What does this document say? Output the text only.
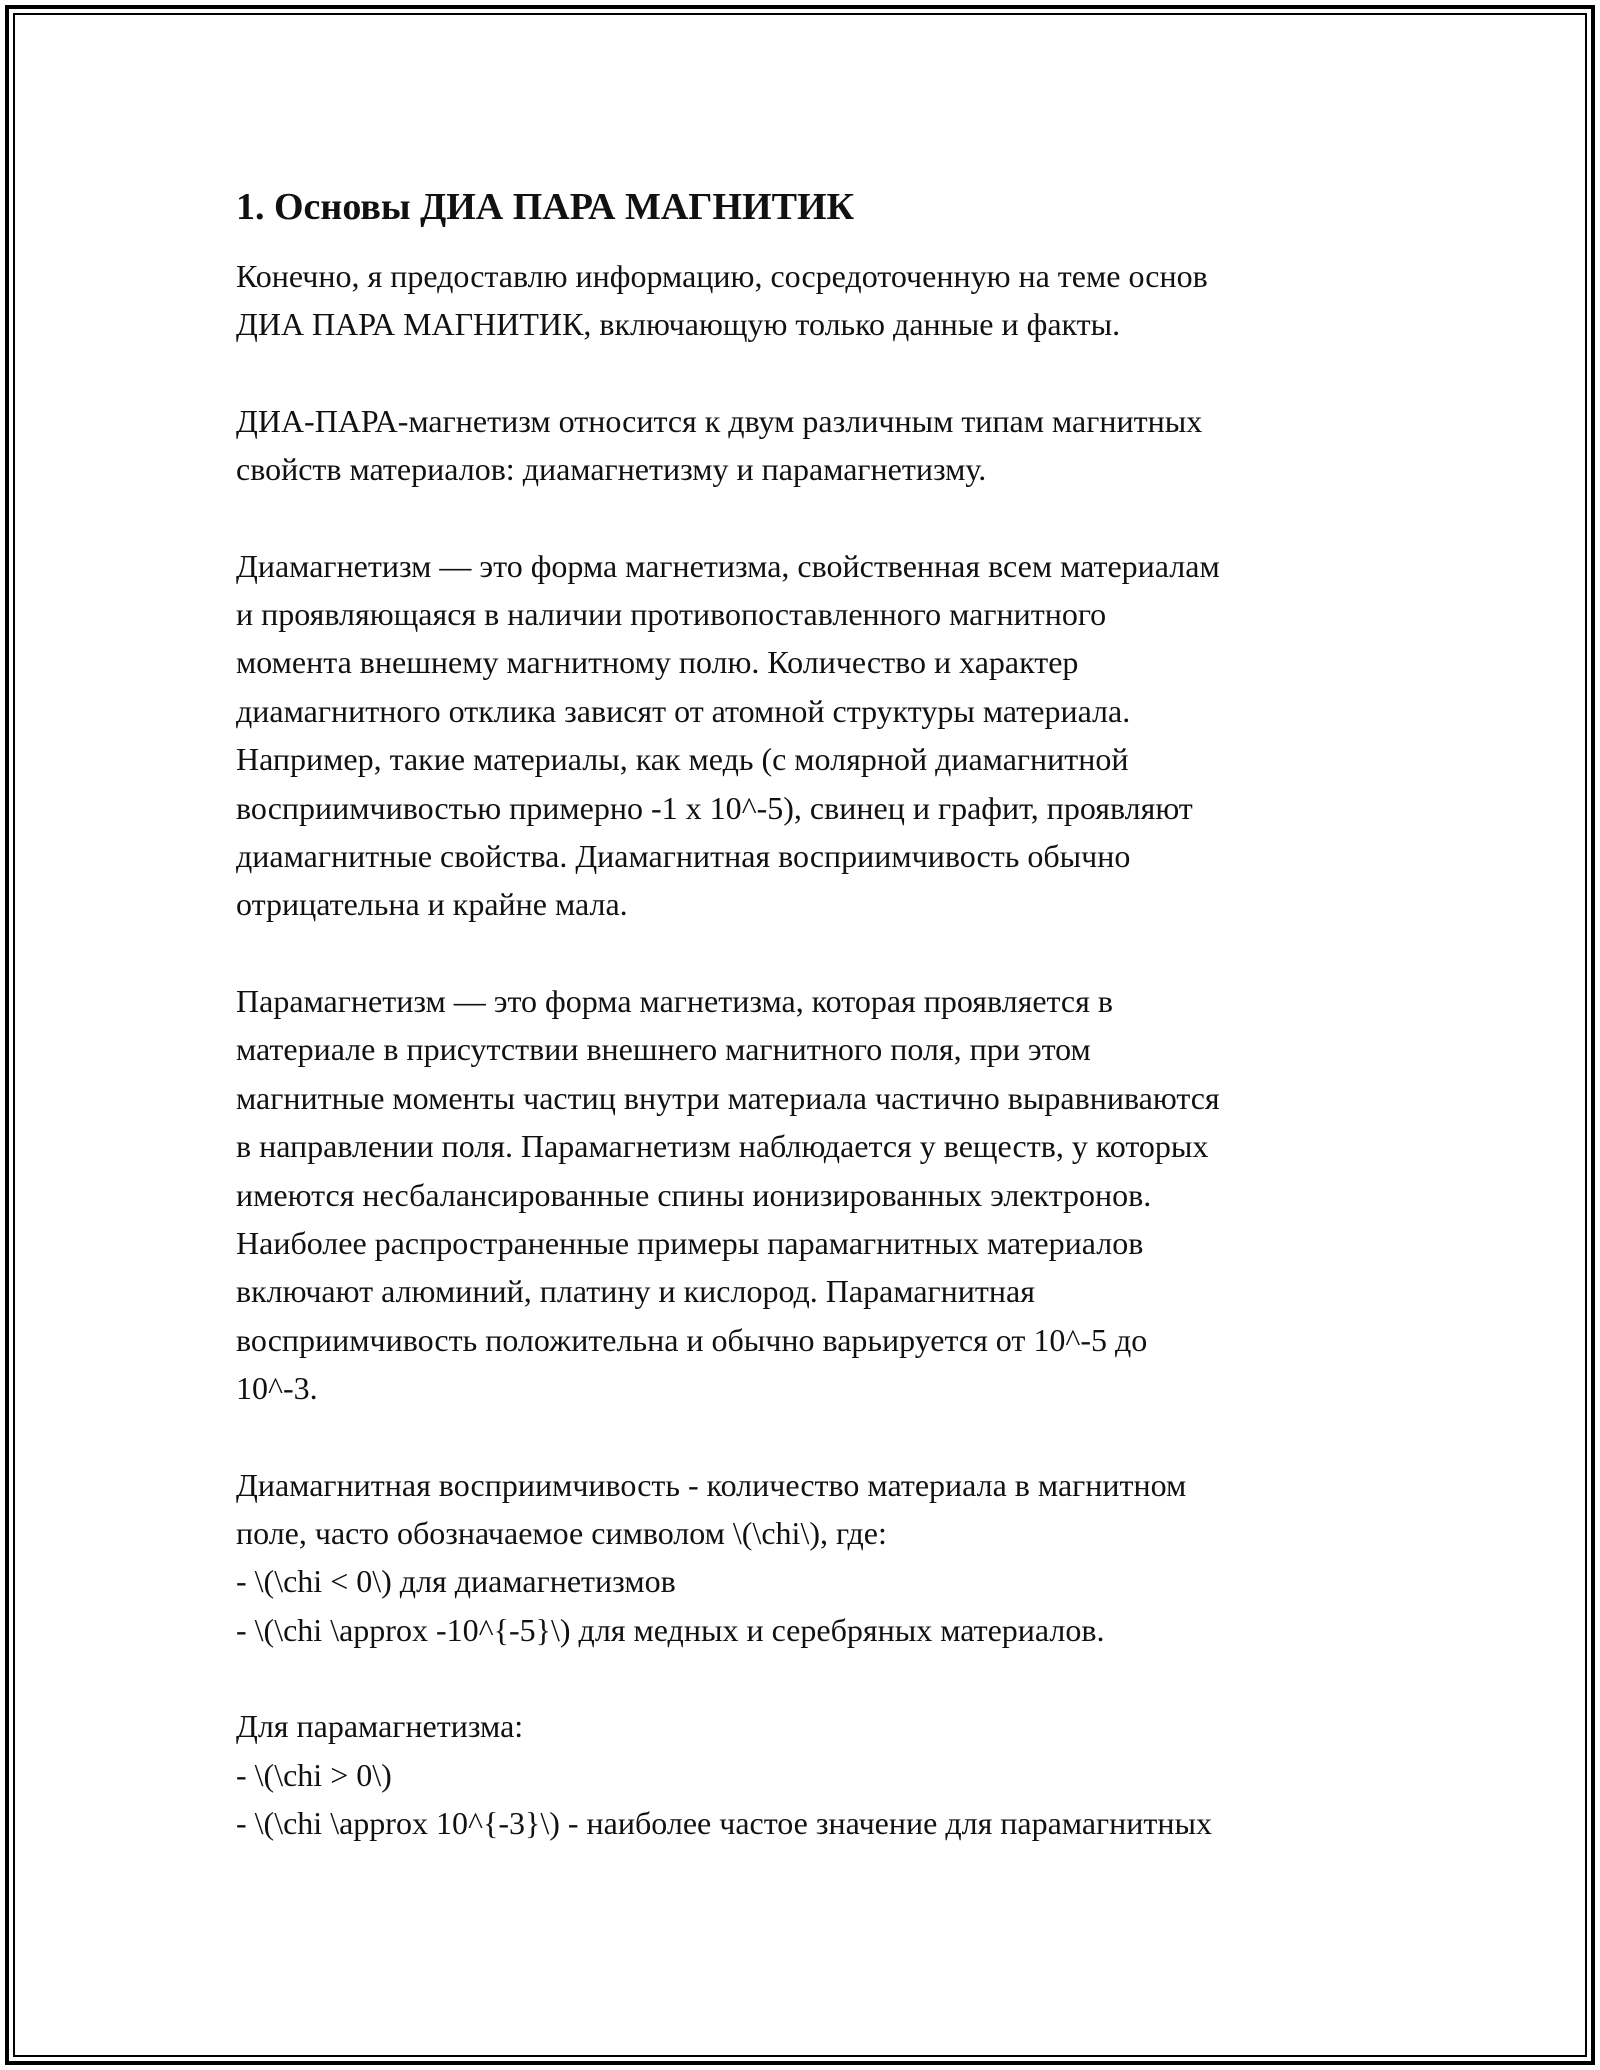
1. Основы ДИА ПАРА МАГНИТИК
Конечно, я предоставлю информацию, сосредоточенную на теме основ
ДИА ПАРА МАГНИТИК, включающую только данные и факты.
ДИА-ПАРА-магнетизм относится к двум различным типам магнитных
свойств материалов: диамагнетизму и парамагнетизму.
Диамагнетизм — это форма магнетизма, свойственная всем материалам
и проявляющаяся в наличии противопоставленного магнитного
момента внешнему магнитному полю. Количество и характер
диамагнитного отклика зависят от атомной структуры материала.
Например, такие материалы, как медь (с молярной диамагнитной
восприимчивостью примерно -1 x 10^-5), свинец и графит, проявляют
диамагнитные свойства. Диамагнитная восприимчивость обычно
отрицательна и крайне мала.
Парамагнетизм — это форма магнетизма, которая проявляется в
материале в присутствии внешнего магнитного поля, при этом
магнитные моменты частиц внутри материала частично выравниваются
в направлении поля. Парамагнетизм наблюдается у веществ, у которых
имеются несбалансированные спины ионизированных электронов.
Наиболее распространенные примеры парамагнитных материалов
включают алюминий, платину и кислород. Парамагнитная
восприимчивость положительна и обычно варьируется от 10^-5 до
10^-3.
Диамагнитная восприимчивость - количество материала в магнитном
поле, часто обозначаемое символом \(\chi\), где:
- \(\chi < 0\) для диамагнетизмов
- \(\chi \approx -10^{-5}\) для медных и серебряных материалов.
Для парамагнетизма:
- \(\chi > 0\)
- \(\chi \approx 10^{-3}\) - наиболее частое значение для парамагнитных
